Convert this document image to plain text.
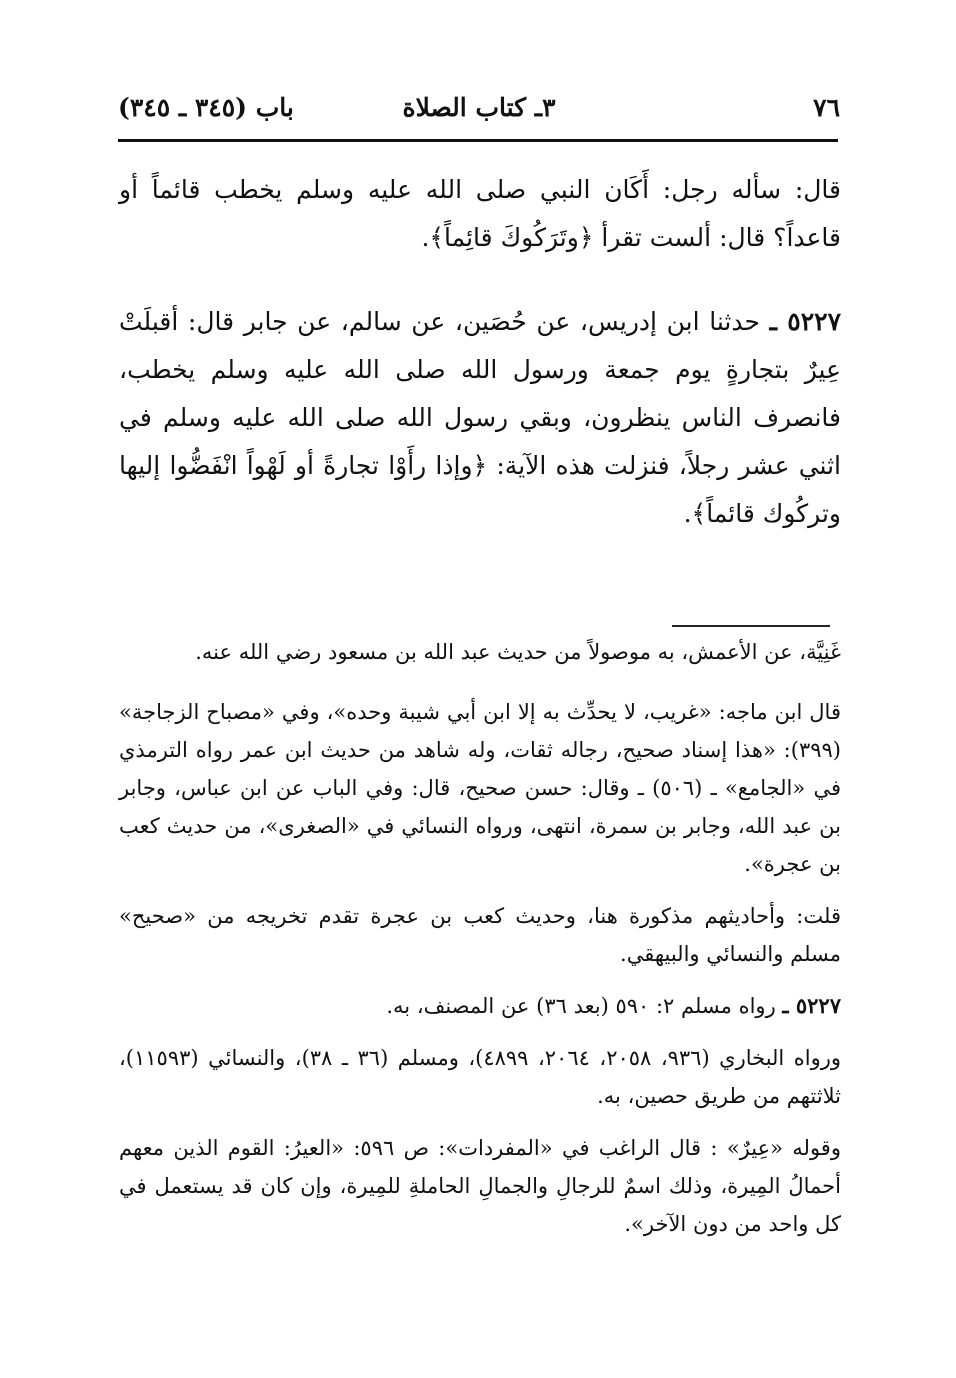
٧٦
٣ـ كتاب الصلاة
باب (٣٤٥ ـ ٣٤٥)

قال: سأله رجل: أَكَان النبي صلى الله عليه وسلم يخطب قائماً أو قاعداً؟ قال: ألست تقرأ ﴿وتَرَكُوكَ قائِماً﴾.

٥٢٢٧ ـ حدثنا ابن إدريس، عن حُصَين، عن سالم، عن جابر قال: أقبلَتْ عِيرٌ بتجارةٍ يوم جمعة ورسول الله صلى الله عليه وسلم يخطب، فانصرف الناس ينظرون، وبقي رسول الله صلى الله عليه وسلم في اثني عشر رجلاً، فنزلت هذه الآية: ﴿وإذا رأَوْا تجارةً أو لَهْواً انْفَضُّوا إليها وتركُوك قائماً﴾.

غَنِيَّة، عن الأعمش، به موصولاً من حديث عبد الله بن مسعود رضي الله عنه.

قال ابن ماجه: «غريب، لا يحدِّث به إلا ابن أبي شيبة وحده»، وفي «مصباح الزجاجة» (٣٩٩): «هذا إسناد صحيح، رجاله ثقات، وله شاهد من حديث ابن عمر رواه الترمذي في «الجامع» ـ (٥٠٦) ـ وقال: حسن صحيح، قال: وفي الباب عن ابن عباس، وجابر بن عبد الله، وجابر بن سمرة، انتهى، ورواه النسائي في «الصغرى»، من حديث كعب بن عجرة».

قلت: وأحاديثهم مذكورة هنا، وحديث كعب بن عجرة تقدم تخريجه من «صحيح» مسلم والنسائي والبيهقي.

٥٢٢٧ ـ رواه مسلم ٢: ٥٩٠ (بعد ٣٦) عن المصنف، به.

ورواه البخاري (٩٣٦، ٢٠٥٨، ٢٠٦٤، ٤٨٩٩)، ومسلم (٣٦ ـ ٣٨)، والنسائي (١١٥٩٣)، ثلاثتهم من طريق حصين، به.

وقوله «عِيرٌ» : قال الراغب في «المفردات»: ص ٥٩٦: «العيرُ: القوم الذين معهم أحمالُ المِيرة، وذلك اسمٌ للرجالِ والجمالِ الحاملةِ للمِيرة، وإن كان قد يستعمل في كل واحد من دون الآخر».
